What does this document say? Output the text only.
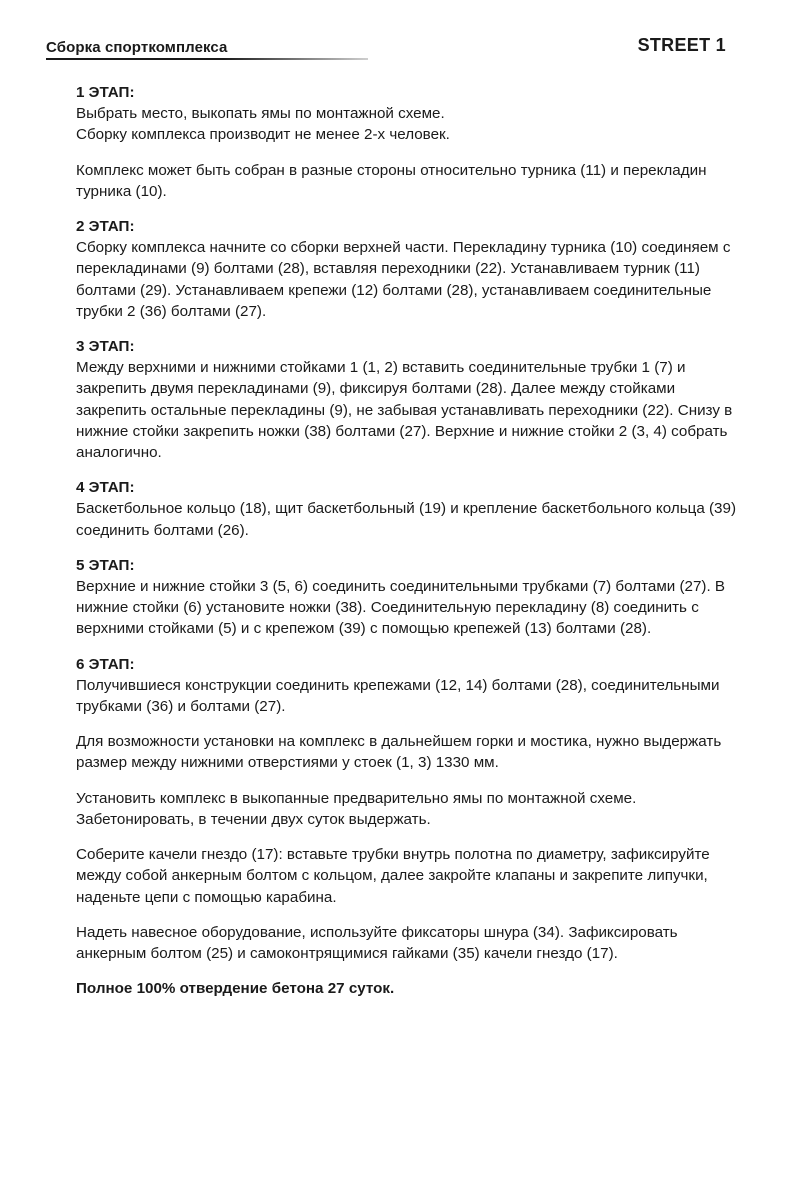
Сборка спорткомплекса	STREET 1

1 ЭТАП:

Выбрать место, выкопать ямы по монтажной схеме.

Сборку комплекса производит не менее 2-х человек.

Комплекс может быть собран в разные стороны относительно турника (11) и перекладин турника (10).

2 ЭТАП:

Сборку комплекса начните со сборки верхней части. Перекладину турника (10) соединяем с перекладинами (9) болтами (28), вставляя переходники (22). Устанавливаем турник (11) болтами (29). Устанавливаем крепежи (12) болтами (28), устанавливаем соединительные трубки 2 (36) болтами (27).

3 ЭТАП:

Между верхними и нижними стойками 1 (1, 2) вставить соединительные трубки 1 (7) и закрепить двумя перекладинами (9), фиксируя болтами (28). Далее между стойками закрепить остальные перекладины (9), не забывая устанавливать переходники (22). Снизу в нижние стойки закрепить ножки (38) болтами (27). Верхние и нижние стойки 2 (3, 4) собрать аналогично.

4 ЭТАП:

Баскетбольное кольцо (18), щит баскетбольный (19) и крепление баскетбольного кольца (39) соединить болтами (26).

5 ЭТАП:

Верхние и нижние стойки 3 (5, 6) соединить соединительными трубками (7) болтами (27). В нижние стойки (6) установите ножки (38). Соединительную перекладину (8) соединить с верхними стойками (5) и с крепежом (39) с помощью крепежей (13) болтами (28).

6 ЭТАП:

Получившиеся конструкции соединить крепежами (12, 14) болтами (28), соединительными трубками (36) и болтами (27).

Для возможности установки на комплекс в дальнейшем горки и мостика, нужно выдержать размер между нижними отверстиями у стоек (1, 3) 1330 мм.

Установить комплекс в выкопанные предварительно ямы по монтажной схеме. Забетонировать, в течении двух суток выдержать.

Соберите качели гнездо (17): вставьте трубки внутрь полотна по диаметру, зафиксируйте между собой анкерным болтом с кольцом, далее закройте клапаны и закрепите липучки, наденьте цепи с помощью карабина.

Надеть навесное оборудование, используйте фиксаторы шнура (34). Зафиксировать анкерным болтом (25) и самоконтрящимися гайками (35) качели гнездо (17).

Полное 100% отвердение бетона 27 суток.
